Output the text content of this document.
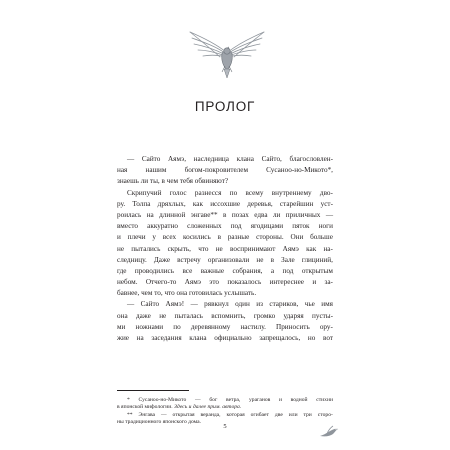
ПРОЛОГ
— Сайто Аямэ, наследница клана Сайто, благословлен-
ная	нашим	богом-покровителем	Сусаноо-но-Микото*,
знаешь ли ты, в чем тебя обвиняют?
Скрипучий голос разнесся по всему внутреннему дво-
ру. Толпа дряхлых, как иссохшие деревья, старейшин уст-
роилась на длинной энгаве** в позах едва ли приличных —
вместо аккуратно сложенных под ягодицами пяток ноги
и плечи у всех косились в разные стороны. Они больше
не пытались скрыть, что не воспринимают Аямэ как на-
следницу. Даже встречу организовали не в Зале глициний,
где проводились все важные собрания, а под открытым
небом. Отчего-то Аямэ это показалось интереснее и за-
бавнее, чем то, что она готовилась услышать.
— Сайто Аямэ! — рявкнул один из стариков, чье имя
она даже не пыталась вспомнить, громко ударяя пусты-
ми ножнами по деревянному настилу. Приносить ору-
жие на заседания клана официально запрещалось, но вот
* Сусаноо-но-Микото — бог ветра, ураганов и водной стихии
в японской мифологии. Здесь и далее прим. автора.
** Энгава — открытая веранда, которая огибает две или три сторо-
ны традиционного японского дома.
5
